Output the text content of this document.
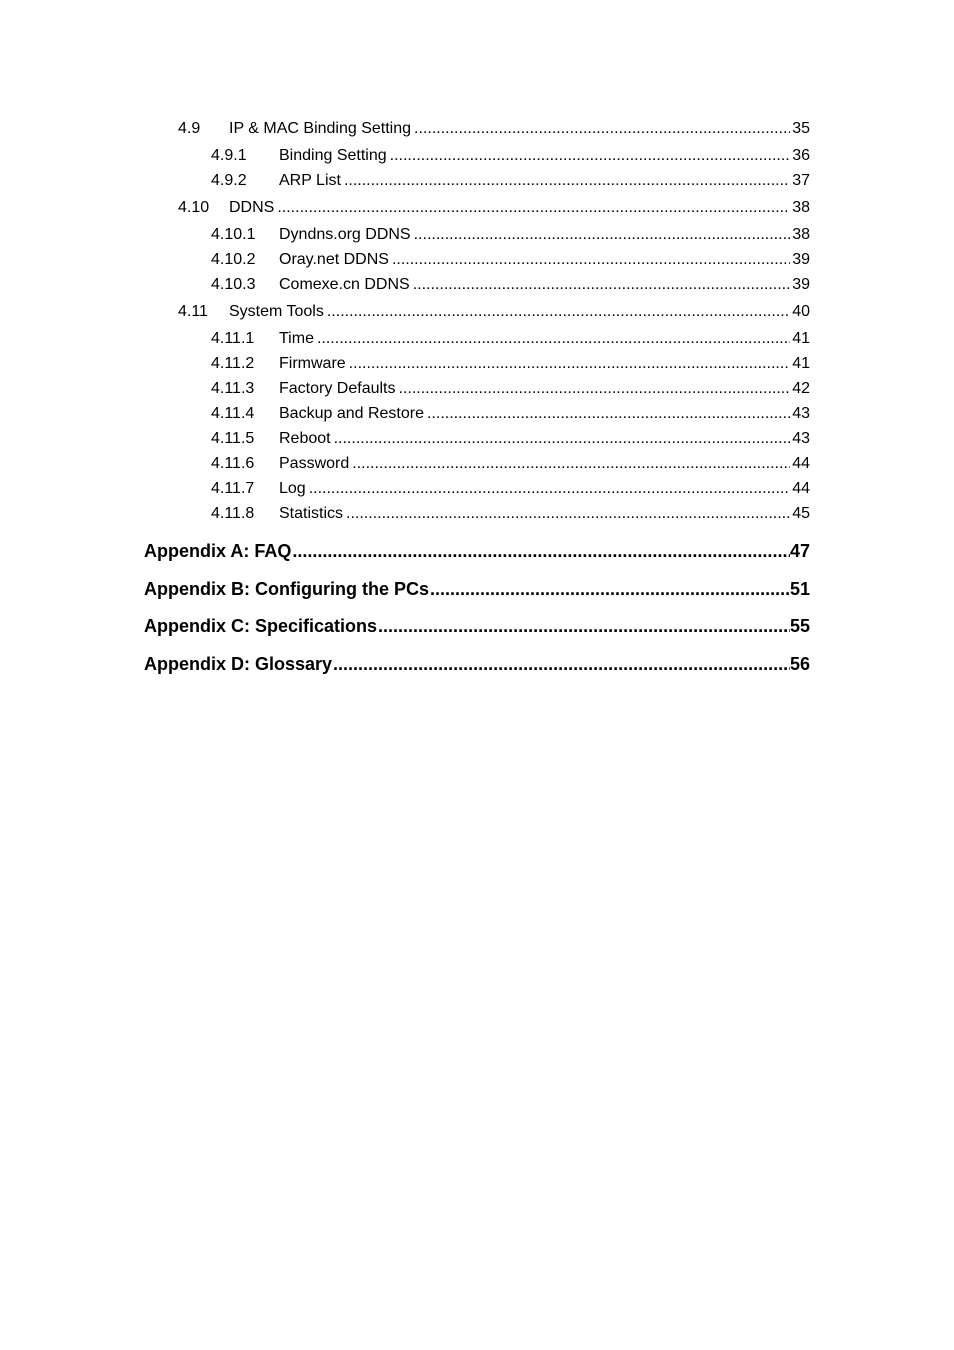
4.9	IP & MAC Binding Setting .....	35
4.9.1	Binding Setting .....	36
4.9.2	ARP List .....	37
4.10	DDNS .....	38
4.10.1	Dyndns.org DDNS .....	38
4.10.2	Oray.net DDNS .....	39
4.10.3	Comexe.cn DDNS .....	39
4.11	System Tools .....	40
4.11.1	Time .....	41
4.11.2	Firmware .....	41
4.11.3	Factory Defaults .....	42
4.11.4	Backup and Restore .....	43
4.11.5	Reboot .....	43
4.11.6	Password .....	44
4.11.7	Log .....	44
4.11.8	Statistics .....	45
Appendix A: FAQ .....	47
Appendix B: Configuring the PCs .....	51
Appendix C: Specifications .....	55
Appendix D: Glossary .....	56
